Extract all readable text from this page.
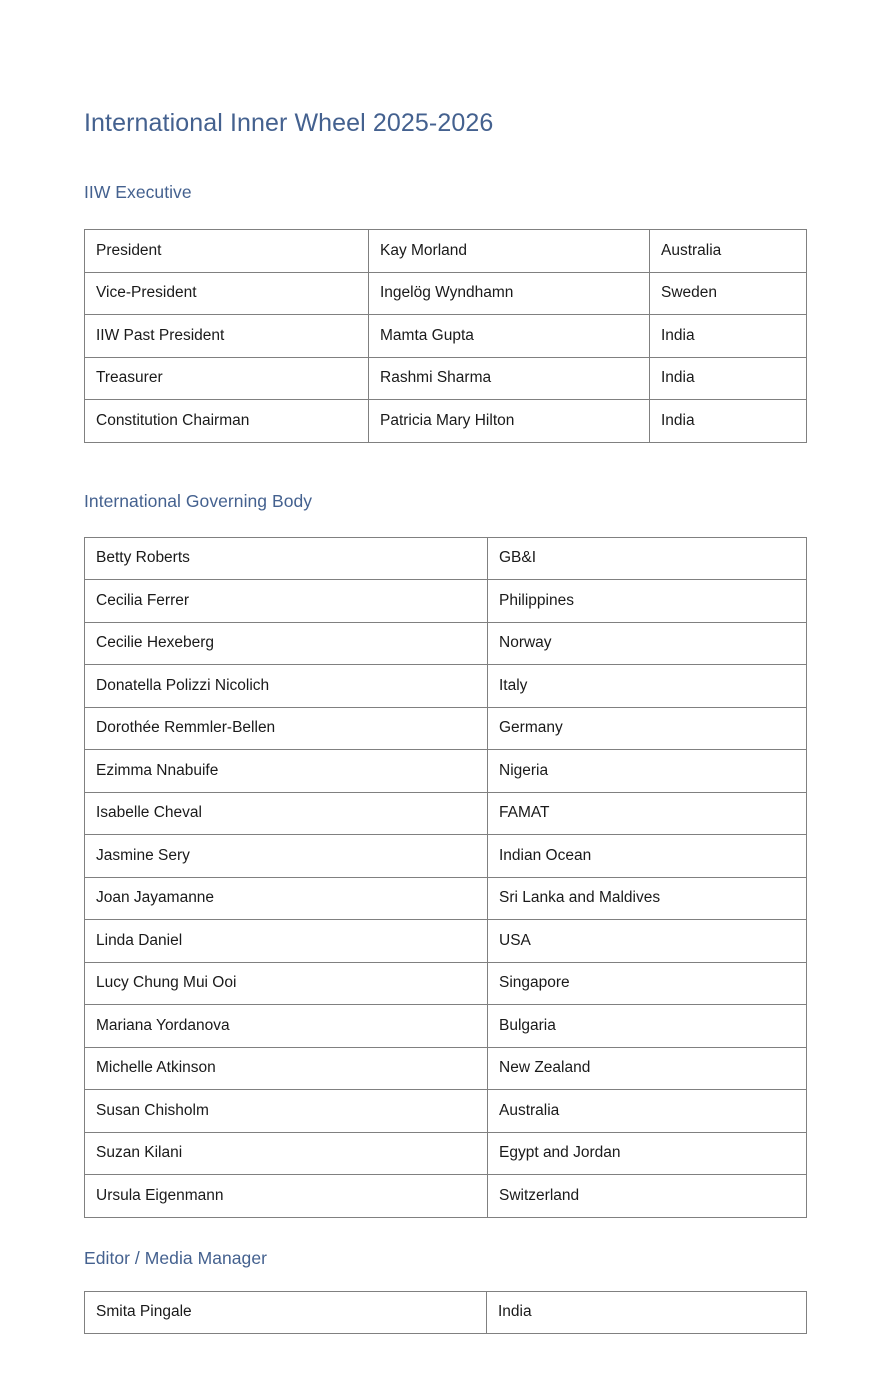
International Inner Wheel 2025-2026
IIW Executive
President	Kay Morland	Australia
Vice-President	Ingelög Wyndhamn	Sweden
IIW Past President	Mamta Gupta	India
Treasurer	Rashmi Sharma	India
Constitution Chairman	Patricia Mary Hilton	India
International Governing Body
Betty Roberts	GB&I
Cecilia Ferrer	Philippines
Cecilie Hexeberg	Norway
Donatella Polizzi Nicolich	Italy
Dorothée Remmler-Bellen	Germany
Ezimma Nnabuife	Nigeria
Isabelle Cheval	FAMAT
Jasmine Sery	Indian Ocean
Joan Jayamanne	Sri Lanka and Maldives
Linda Daniel	USA
Lucy Chung Mui Ooi	Singapore
Mariana Yordanova	Bulgaria
Michelle Atkinson	New Zealand
Susan Chisholm	Australia
Suzan Kilani	Egypt and Jordan
Ursula Eigenmann	Switzerland
Editor / Media Manager
Smita Pingale	India
